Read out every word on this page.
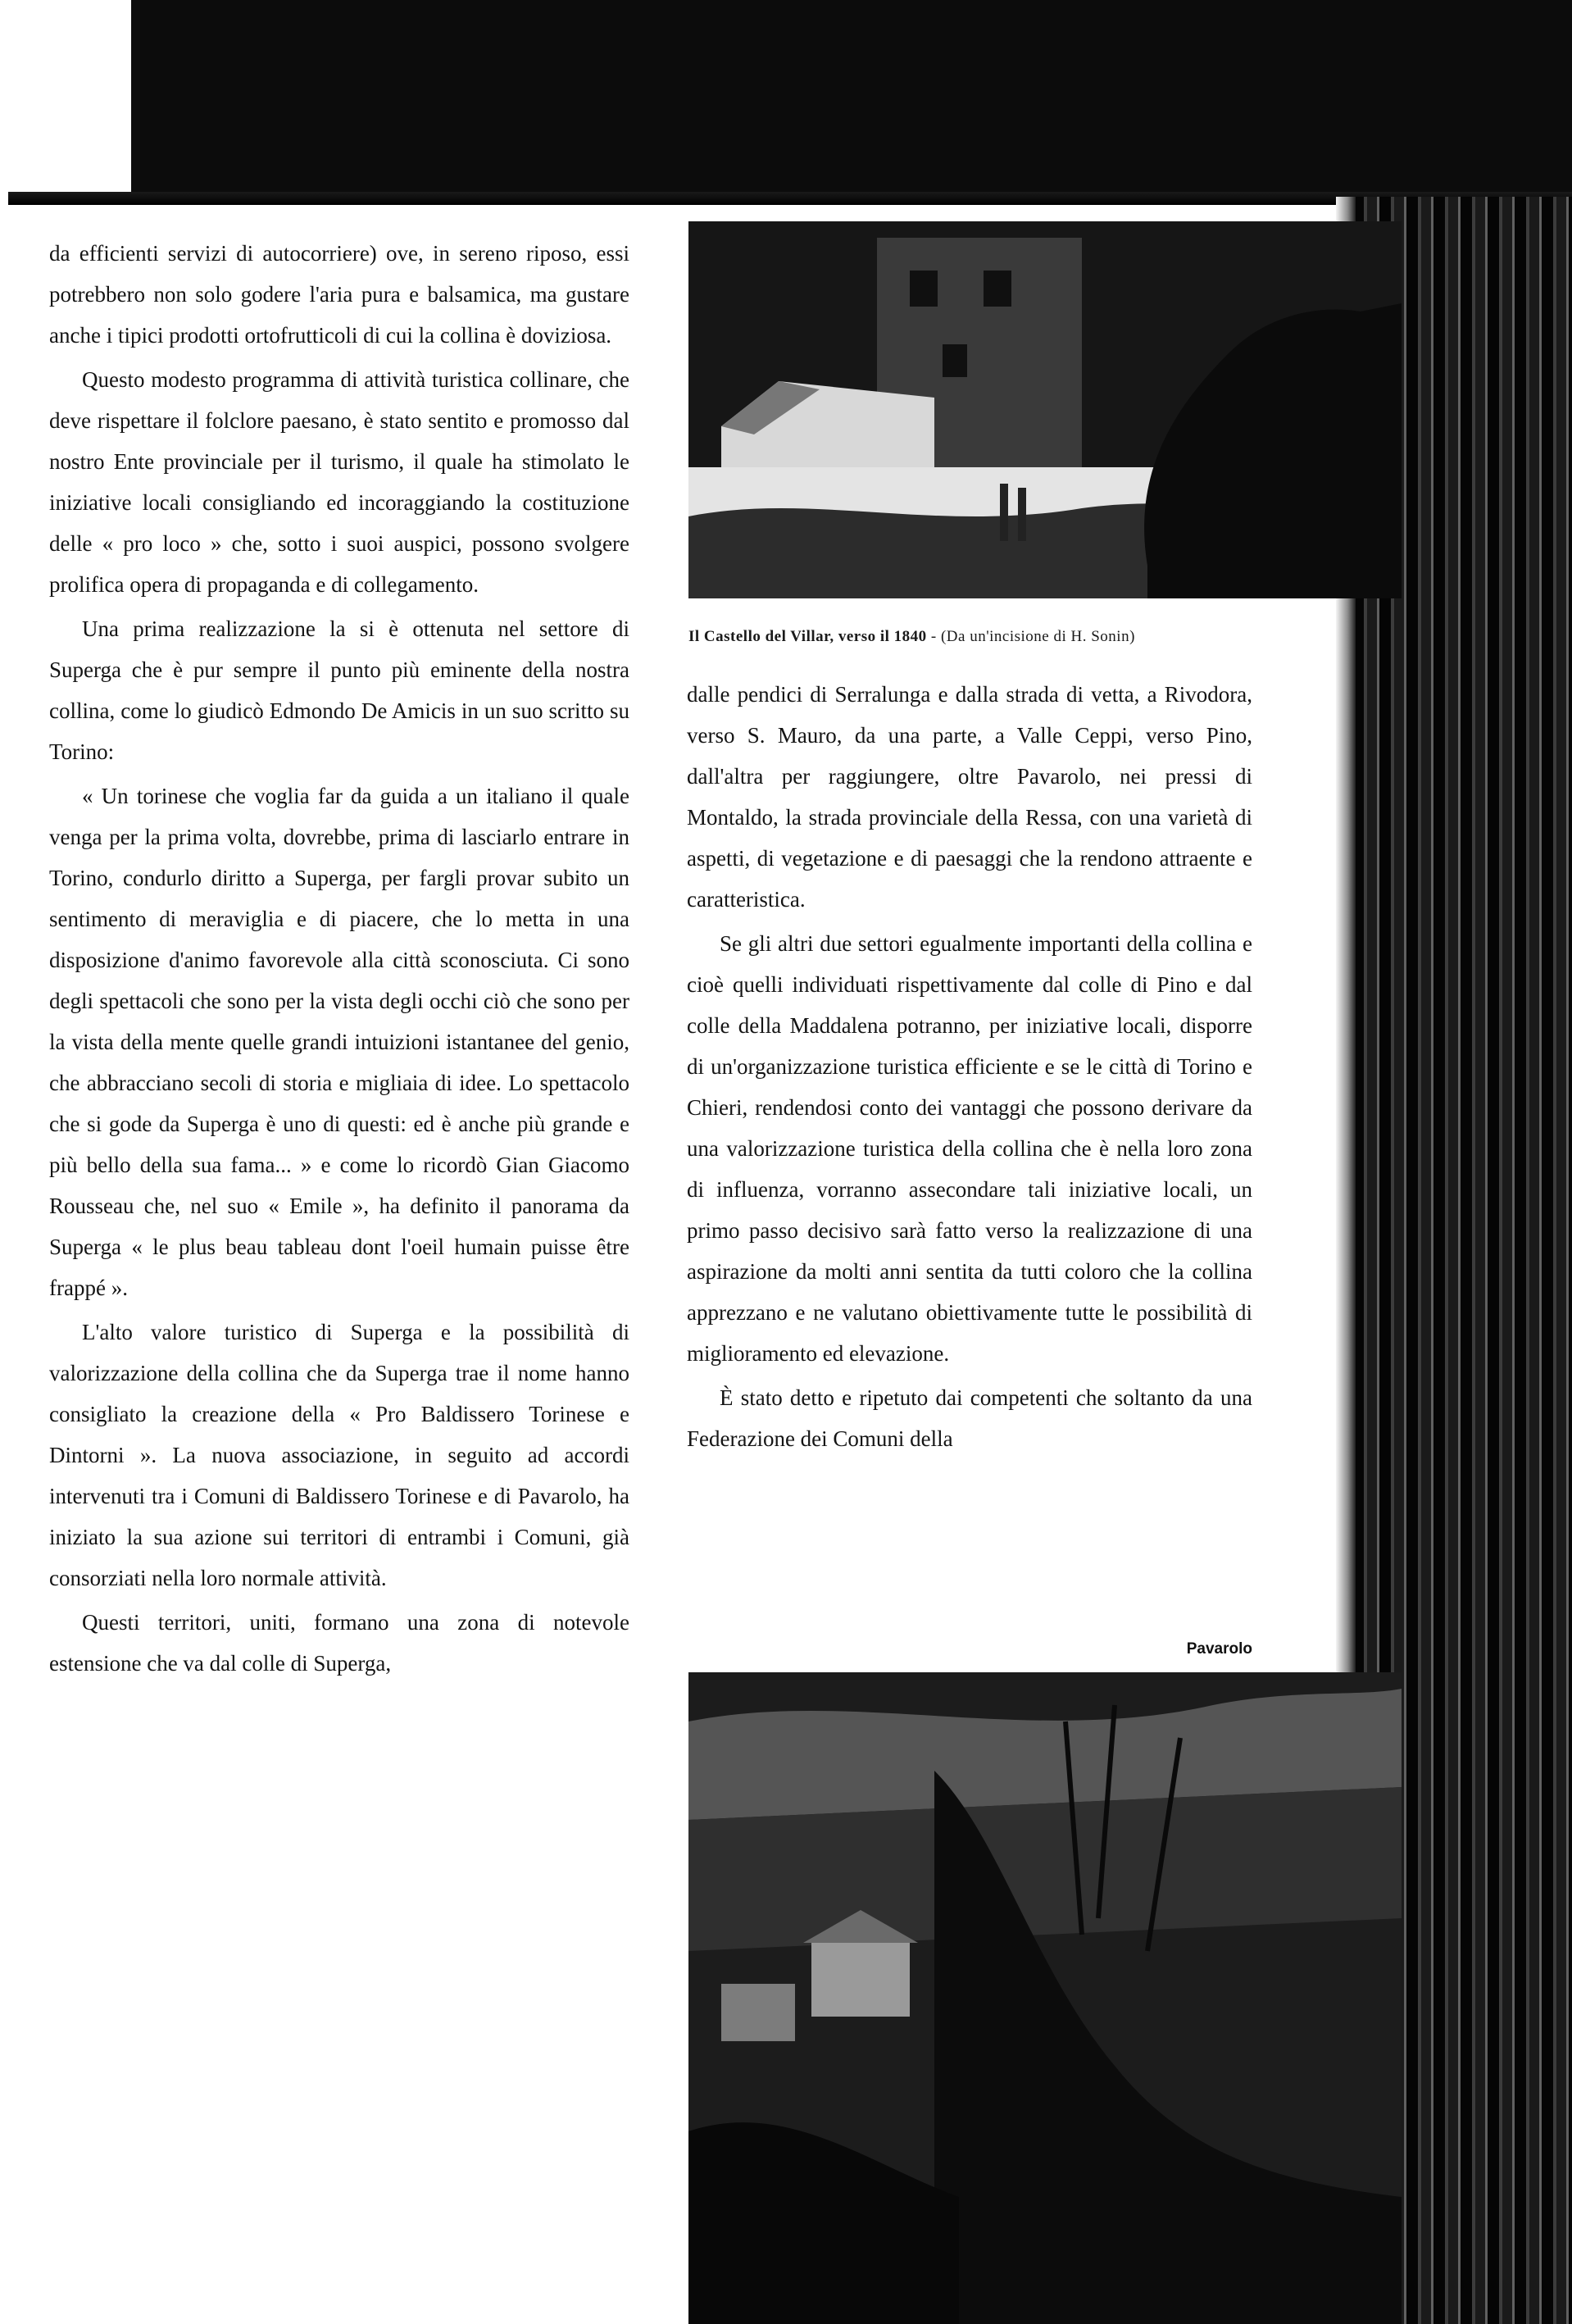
da efficienti servizi di autocorriere) ove, in sereno riposo, essi potrebbero non solo godere l'aria pura e balsamica, ma gustare anche i tipici prodotti ortofrutticoli di cui la collina è doviziosa.

Questo modesto programma di attività turistica collinare, che deve rispettare il folclore paesano, è stato sentito e promosso dal nostro Ente provinciale per il turismo, il quale ha stimolato le iniziative locali consigliando ed incoraggiando la costituzione delle « pro loco » che, sotto i suoi auspici, possono svolgere prolifica opera di propaganda e di collegamento.

Una prima realizzazione la si è ottenuta nel settore di Superga che è pur sempre il punto più eminente della nostra collina, come lo giudicò Edmondo De Amicis in un suo scritto su Torino:

« Un torinese che voglia far da guida a un italiano il quale venga per la prima volta, dovrebbe, prima di lasciarlo entrare in Torino, condurlo diritto a Superga, per fargli provar subito un sentimento di meraviglia e di piacere, che lo metta in una disposizione d'animo favorevole alla città sconosciuta. Ci sono degli spettacoli che sono per la vista degli occhi ciò che sono per la vista della mente quelle grandi intuizioni istantanee del genio, che abbracciano secoli di storia e migliaia di idee. Lo spettacolo che si gode da Superga è uno di questi: ed è anche più grande e più bello della sua fama... » e come lo ricordò Gian Giacomo Rousseau che, nel suo « Emile », ha definito il panorama da Superga « le plus beau tableau dont l'oeil humain puisse être frappé ».

L'alto valore turistico di Superga e la possibilità di valorizzazione della collina che da Superga trae il nome hanno consigliato la creazione della « Pro Baldissero Torinese e Dintorni ». La nuova associazione, in seguito ad accordi intervenuti tra i Comuni di Baldissero Torinese e di Pavarolo, ha iniziato la sua azione sui territori di entrambi i Comuni, già consorziati nella loro normale attività.

Questi territori, uniti, formano una zona di notevole estensione che va dal colle di Superga,

Il Castello del Villar, verso il 1840 - (Da un'incisione di H. Sonin)

dalle pendici di Serralunga e dalla strada di vetta, a Rivodora, verso S. Mauro, da una parte, a Valle Ceppi, verso Pino, dall'altra per raggiungere, oltre Pavarolo, nei pressi di Montaldo, la strada provinciale della Ressa, con una varietà di aspetti, di vegetazione e di paesaggi che la rendono attraente e caratteristica.

Se gli altri due settori egualmente importanti della collina e cioè quelli individuati rispettivamente dal colle di Pino e dal colle della Maddalena potranno, per iniziative locali, disporre di un'organizzazione turistica efficiente e se le città di Torino e Chieri, rendendosi conto dei vantaggi che possono derivare da una valorizzazione turistica della collina che è nella loro zona di influenza, vorranno assecondare tali iniziative locali, un primo passo decisivo sarà fatto verso la realizzazione di una aspirazione da molti anni sentita da tutti coloro che la collina apprezzano e ne valutano obiettivamente tutte le possibilità di miglioramento ed elevazione.

È stato detto e ripetuto dai competenti che soltanto da una Federazione dei Comuni della

Pavarolo
